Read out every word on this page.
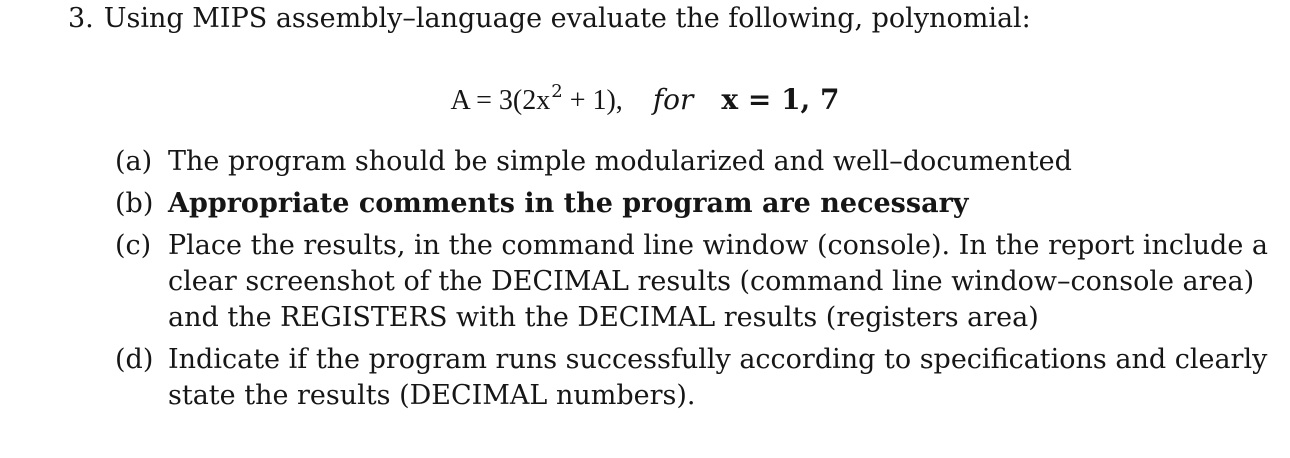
3. Using MIPS assembly–language evaluate the following, polynomial:
$A = 3(2x^2 + 1)$, for x = 1, 7
(a) The program should be simple modularized and well–documented
(b) Appropriate comments in the program are necessary
(c) Place the results, in the command line window (console). In the report include a clear screenshot of the DECIMAL results (command line window–console area) and the REGISTERS with the DECIMAL results (registers area)
(d) Indicate if the program runs successfully according to specifications and clearly state the results (DECIMAL numbers).
